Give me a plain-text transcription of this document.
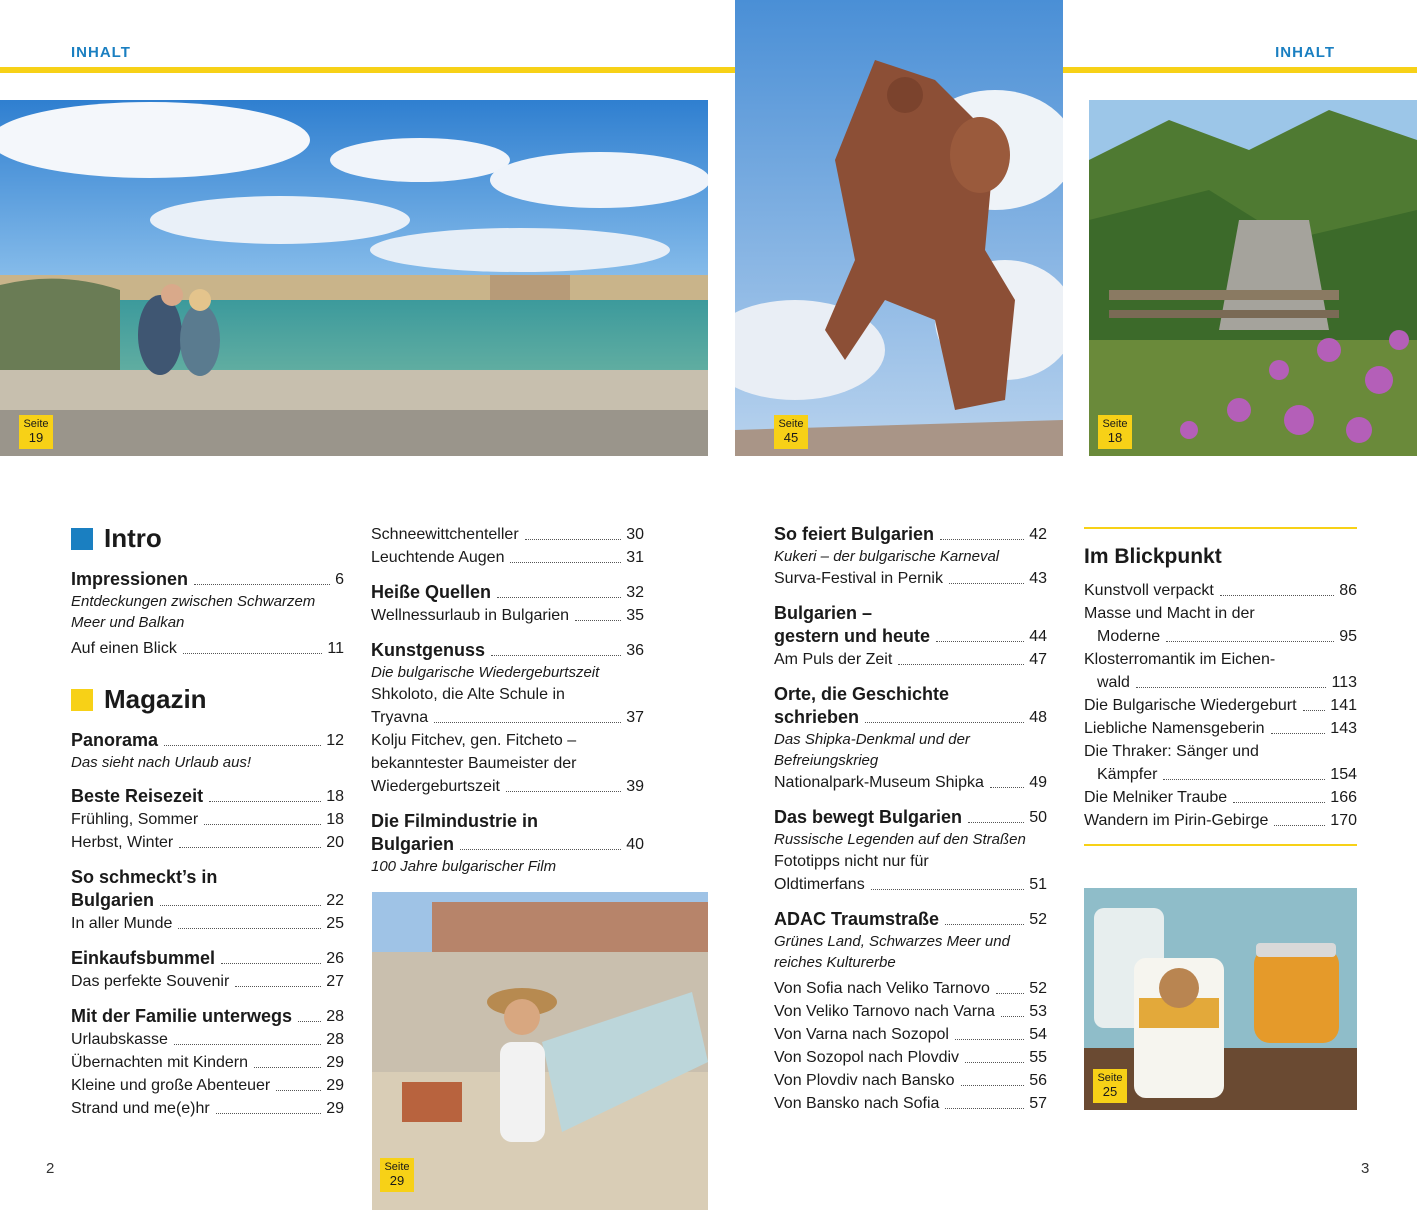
INHALT	INHALT
Seite
19
Seite
45
Seite
18
Intro
Impressionen	6
Entdeckungen zwischen Schwarzem Meer und Balkan
Auf einen Blick	11
Magazin
Panorama	12
Das sieht nach Urlaub aus!
Beste Reisezeit	18
Frühling, Sommer	18
Herbst, Winter	20
So schmeckt’s in
Bulgarien	22
In aller Munde	25
Einkaufsbummel	26
Das perfekte Souvenir	27
Mit der Familie unterwegs 28
Urlaubskasse	28
Übernachten mit Kindern	29
Kleine und große Abenteuer	29
Strand und me(e)hr	29
Schneewittchenteller	30
Leuchtende Augen	31
Heiße Quellen	32
Wellnessurlaub in Bulgarien	35
Kunstgenuss	36
Die bulgarische Wiedergeburtszeit
Shkoloto, die Alte Schule in
Tryavna	37
Kolju Fitchev, gen. Fitcheto –
bekanntester Baumeister der
Wiedergeburtszeit	39
Die Filmindustrie in
Bulgarien	40
100 Jahre bulgarischer Film
Seite
29
So feiert Bulgarien	42
Kukeri – der bulgarische Karneval
Surva-Festival in Pernik	43
Bulgarien –
gestern und heute	44
Am Puls der Zeit	47
Orte, die Geschichte
schrieben	48
Das Shipka-Denkmal und der Befreiungskrieg
Nationalpark-Museum Shipka	49
Das bewegt Bulgarien	50
Russische Legenden auf den Straßen
Fototipps nicht nur für
Oldtimerfans	51
ADAC Traumstraße	52
Grünes Land, Schwarzes Meer und reiches Kulturerbe
Von Sofia nach Veliko Tarnovo 52
Von Veliko Tarnovo nach Varna 53
Von Varna nach Sozopol	54
Von Sozopol nach Plovdiv	55
Von Plovdiv nach Bansko	56
Von Bansko nach Sofia	57
Im Blickpunkt
Kunstvoll verpackt	86
Masse und Macht in der
Moderne	95
Klosterromantik im Eichen-
wald	113
Die Bulgarische Wiedergeburt 141
Liebliche Namensgeberin	143
Die Thraker: Sänger und
Kämpfer	154
Die Melniker Traube	166
Wandern im Pirin-Gebirge	170
Seite
25
2	3
